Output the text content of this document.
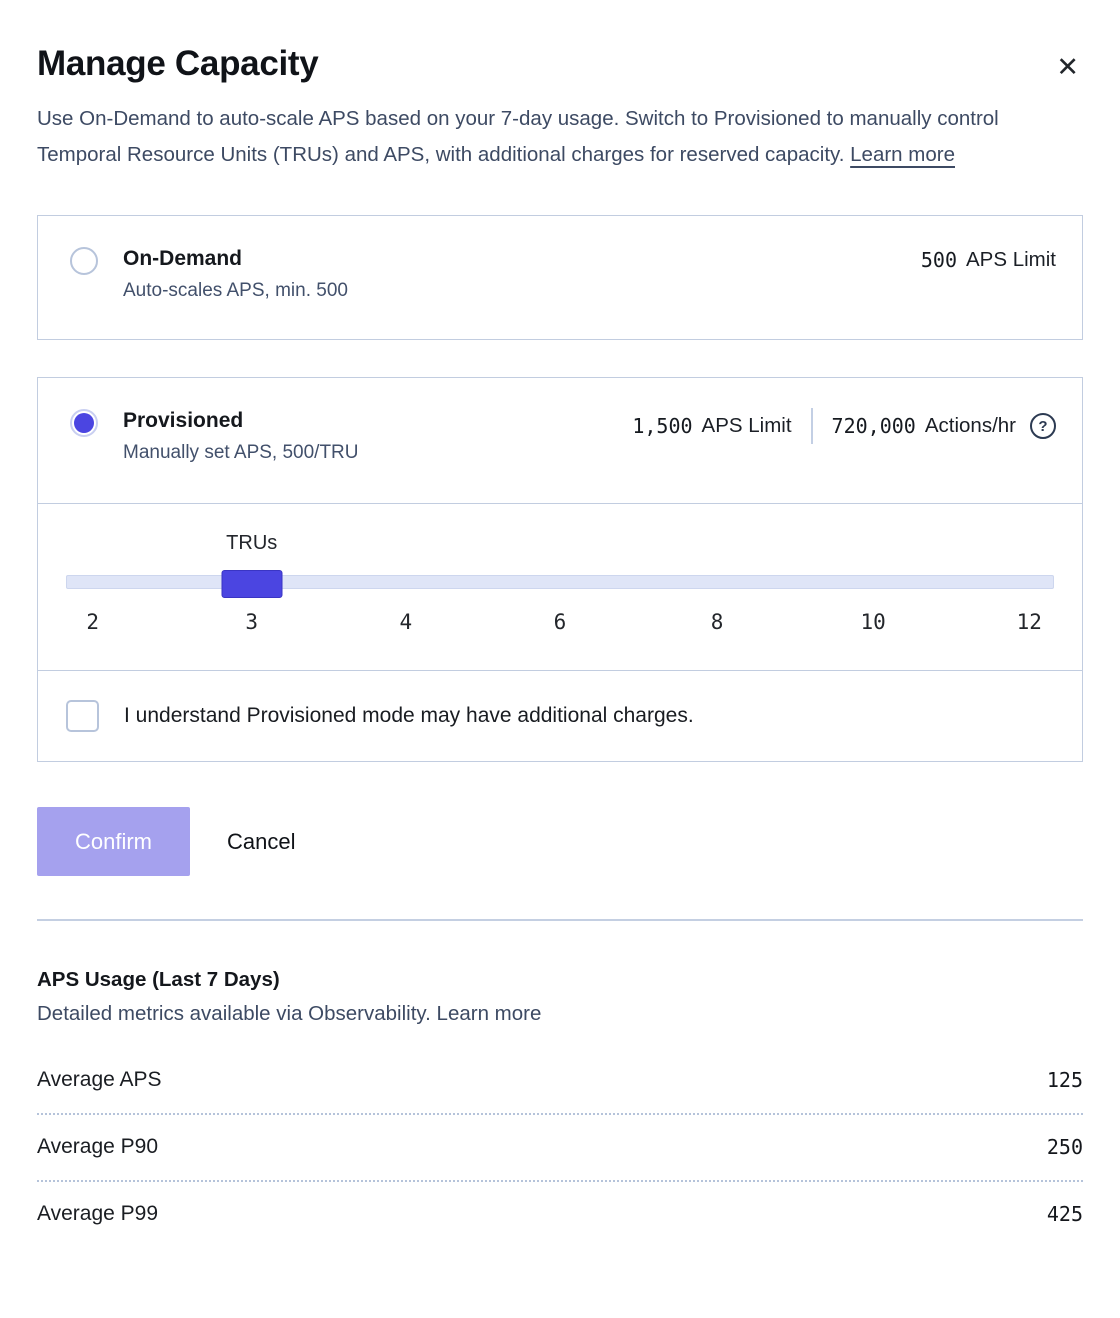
Manage Capacity	✕

Use On-Demand to auto-scale APS based on your 7-day usage. Switch to Provisioned to manually control Temporal Resource Units (TRUs) and APS, with additional charges for reserved capacity. Learn more

On-Demand
Auto-scales APS, min. 500
500 APS Limit
Provisioned
Manually set APS, 500/TRU
1,500 APS Limit 720,000 Actions/hr	?
TRUs
2	3	4	6	8	10	12
I understand Provisioned mode may have additional charges.
Confirm	Cancel
APS Usage (Last 7 Days)

Detailed metrics available via Observability. Learn more

Average APS	125
Average P90	250
Average P99	425
